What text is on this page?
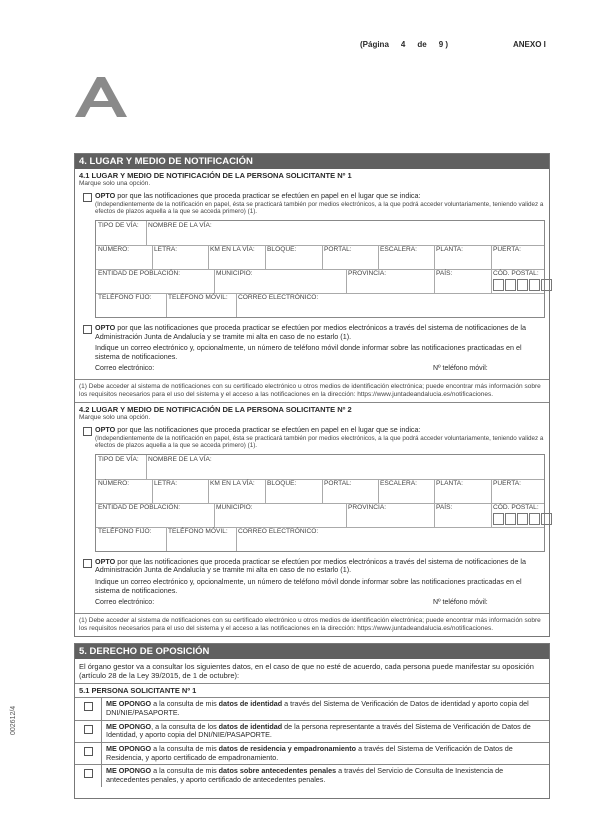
(Página 4 de 9 )	ANEXO I
002612/4
4. LUGAR Y MEDIO DE NOTIFICACIÓN
4.1 LUGAR Y MEDIO DE NOTIFICACIÓN DE LA PERSONA SOLICITANTE Nº 1
Marque solo una opción.
OPTO por que las notificaciones que proceda practicar se efectúen en papel en el lugar que se indica:
(Independientemente de la notificación en papel, ésta se practicará también por medios electrónicos, a la que podrá acceder voluntariamente, teniendo validez a efectos de plazos aquella a la que se acceda primero) (1).
TIPO DE VÍA:	NOMBRE DE LA VÍA:
NÚMERO:	LETRA:	KM EN LA VÍA:	BLOQUE:	PORTAL:	ESCALERA:	PLANTA:	PUERTA:
ENTIDAD DE POBLACIÓN:	MUNICIPIO:	PROVINCIA:	PAÍS:	CÓD. POSTAL:
TELÉFONO FIJO:	TELÉFONO MÓVIL:	CORREO ELECTRÓNICO:
OPTO por que las notificaciones que proceda practicar se efectúen por medios electrónicos a través del sistema de notificaciones de la Administración Junta de Andalucía y se tramite mi alta en caso de no estarlo (1).
Indique un correo electrónico y, opcionalmente, un número de teléfono móvil donde informar sobre las notificaciones practicadas en el sistema de notificaciones.
Correo electrónico:	Nº teléfono móvil:
(1) Debe acceder al sistema de notificaciones con su certificado electrónico u otros medios de identificación electrónica; puede encontrar más información sobre los requisitos necesarios para el uso del sistema y el acceso a las notificaciones en la dirección: https://www.juntadeandalucia.es/notificaciones.
4.2 LUGAR Y MEDIO DE NOTIFICACIÓN DE LA PERSONA SOLICITANTE Nº 2
Marque solo una opción.
OPTO por que las notificaciones que proceda practicar se efectúen en papel en el lugar que se indica:
(Independientemente de la notificación en papel, ésta se practicará también por medios electrónicos, a la que podrá acceder voluntariamente, teniendo validez a efectos de plazos aquella a la que se acceda primero) (1).
TIPO DE VÍA:	NOMBRE DE LA VÍA:
NÚMERO:	LETRA:	KM EN LA VÍA:	BLOQUE:	PORTAL:	ESCALERA:	PLANTA:	PUERTA:
ENTIDAD DE POBLACIÓN:	MUNICIPIO:	PROVINCIA:	PAÍS:	CÓD. POSTAL:
TELÉFONO FIJO:	TELÉFONO MÓVIL:	CORREO ELECTRÓNICO:
OPTO por que las notificaciones que proceda practicar se efectúen por medios electrónicos a través del sistema de notificaciones de la Administración Junta de Andalucía y se tramite mi alta en caso de no estarlo (1).
Indique un correo electrónico y, opcionalmente, un número de teléfono móvil donde informar sobre las notificaciones practicadas en el sistema de notificaciones.
Correo electrónico:	Nº teléfono móvil:
(1) Debe acceder al sistema de notificaciones con su certificado electrónico u otros medios de identificación electrónica; puede encontrar más información sobre los requisitos necesarios para el uso del sistema y el acceso a las notificaciones en la dirección: https://www.juntadeandalucia.es/notificaciones.
5. DERECHO DE OPOSICIÓN
El órgano gestor va a consultar los siguientes datos, en el caso de que no esté de acuerdo, cada persona puede manifestar su oposición (artículo 28 de la Ley 39/2015, de 1 de octubre):
5.1 PERSONA SOLICITANTE Nº 1
ME OPONGO a la consulta de mis datos de identidad a través del Sistema de Verificación de Datos de identidad y aporto copia del DNI/NIE/PASAPORTE.
ME OPONGO, a la consulta de los datos de identidad de la persona representante a través del Sistema de Verificación de Datos de Identidad, y aporto copia del DNI/NIE/PASAPORTE.
ME OPONGO a la consulta de mis datos de residencia y empadronamiento a través del Sistema de Verificación de Datos de Residencia, y aporto certificado de empadronamiento.
ME OPONGO a la consulta de mis datos sobre antecedentes penales a través del Servicio de Consulta de Inexistencia de antecedentes penales, y aporto certificado de antecedentes penales.
